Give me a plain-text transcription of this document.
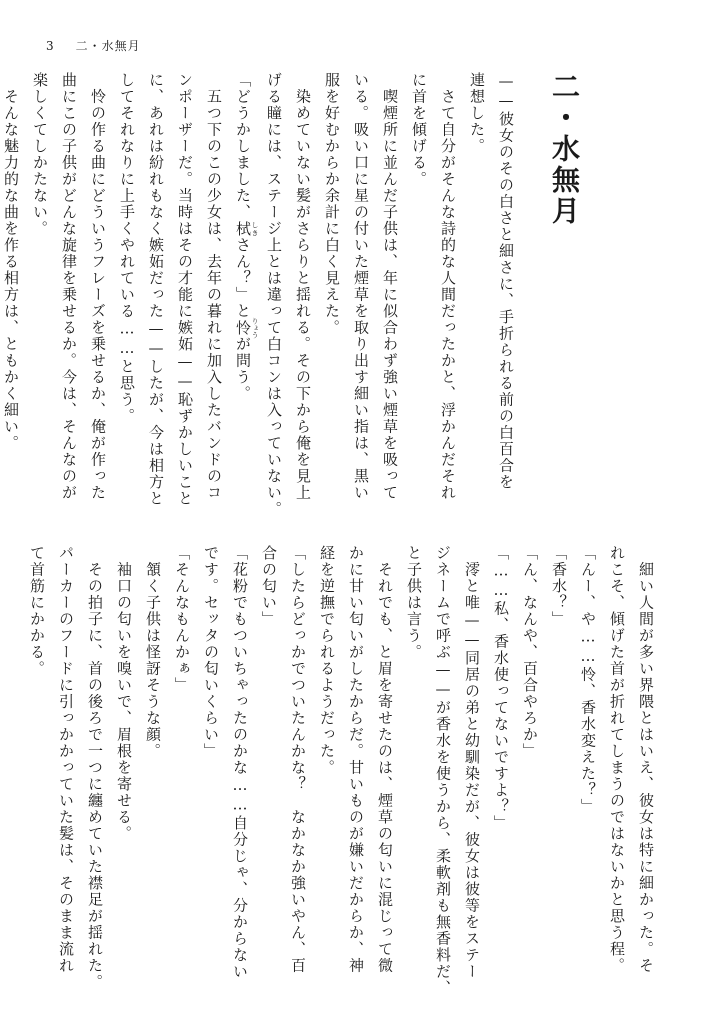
3 二・水無月
二・水無月

——彼女のその白さと細さに、手折られる前の白百合を

連想した。

　さて自分がそんな詩的な人間だったかと、浮かんだそれ

に首を傾げる。

　喫煙所に並んだ子供は、年に似合わず強い煙草を吸って

いる。吸い口に星の付いた煙草を取り出す細い指は、黒い

服を好むからか余計に白く見えた。

　染めていない髪がさらりと揺れる。その下から俺を見上

げる瞳には、ステージ上とは違って白コンは入っていない。

「どうかしました、栻 しきさん？」と怜 りょうが問う。

　五つ下のこの少女は、去年の暮れに加入したバンドのコ

ンポーザーだ。当時はその才能に嫉妬——恥ずかしいこと

に、あれは紛れもなく嫉妬だった——したが、今は相方と

してそれなりに上手くやれている……と思う。

　怜の作る曲にどういうフレーズを乗せるか、俺が作った

曲にこの子供がどんな旋律を乗せるか。今は、そんなのが

楽しくてしかたない。

　そんな魅力的な曲を作る相方は、ともかく細い。

　細い人間が多い界隈とはいえ、彼女は特に細かった。そ

れこそ、傾げた首が折れてしまうのではないかと思う程。

「んー、や……怜、香水変えた？」

「香水？」

「ん、なんや、百合やろか」

「……私、香水使ってないですよ？」

　澪と唯——同居の弟と幼馴染だが、彼女は彼等をステー

ジネームで呼ぶ——が香水を使うから、柔軟剤も無香料だ、

と子供は言う。

　それでも、と眉を寄せたのは、煙草の匂いに混じって微

かに甘い匂いがしたからだ。甘いものが嫌いだからか、神

経を逆撫でられるようだった。

「したらどっかでついたんかな？　なかなか強いやん、百

合の匂い」

「花粉でもついちゃったのかな……自分じゃ、分からない

です。セッタの匂いくらい」

「そんなもんかぁ」

　頷く子供は怪訝そうな顔。

　袖口の匂いを嗅いで、眉根を寄せる。

　その拍子に、首の後ろで一つに纏めていた襟足が揺れた。

パーカーのフードに引っかかっていた髪は、そのまま流れ

て首筋にかかる。
